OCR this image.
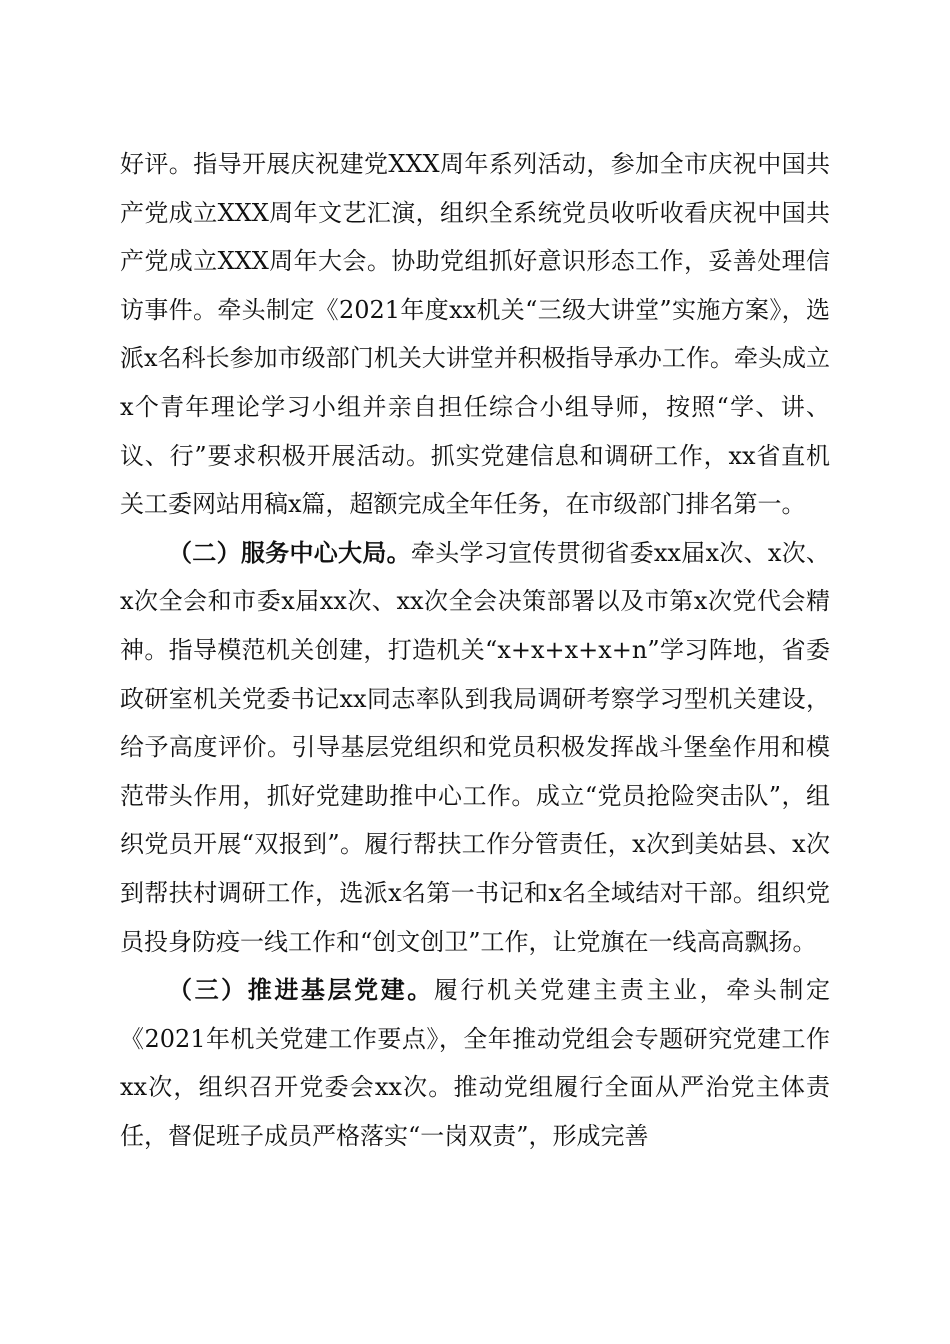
好评。指导开展庆祝建党XXX周年系列活动，参加全市庆祝中国共产党成立XXX周年文艺汇演，组织全系统党员收听收看庆祝中国共产党成立XXX周年大会。协助党组抓好意识形态工作，妥善处理信访事件。牵头制定《2021年度xx机关“三级大讲堂”实施方案》，选派x名科长参加市级部门机关大讲堂并积极指导承办工作。牵头成立x个青年理论学习小组并亲自担任综合小组导师，按照“学、讲、议、行”要求积极开展活动。抓实党建信息和调研工作，xx省直机关工委网站用稿x篇，超额完成全年任务，在市级部门排名第一。

（二）服务中心大局。牵头学习宣传贯彻省委xx届x次、x次、x次全会和市委x届xx次、xx次全会决策部署以及市第x次党代会精神。指导模范机关创建，打造机关“x+x+x+x+n”学习阵地，省委政研室机关党委书记xx同志率队到我局调研考察学习型机关建设，给予高度评价。引导基层党组织和党员积极发挥战斗堡垒作用和模范带头作用，抓好党建助推中心工作。成立“党员抢险突击队”，组织党员开展“双报到”。履行帮扶工作分管责任，x次到美姑县、x次到帮扶村调研工作，选派x名第一书记和x名全域结对干部。组织党员投身防疫一线工作和“创文创卫”工作，让党旗在一线高高飘扬。

（三）推进基层党建。履行机关党建主责主业，牵头制定《2021年机关党建工作要点》，全年推动党组会专题研究党建工作xx次，组织召开党委会xx次。推动党组履行全面从严治党主体责任，督促班子成员严格落实“一岗双责”，形成完善
